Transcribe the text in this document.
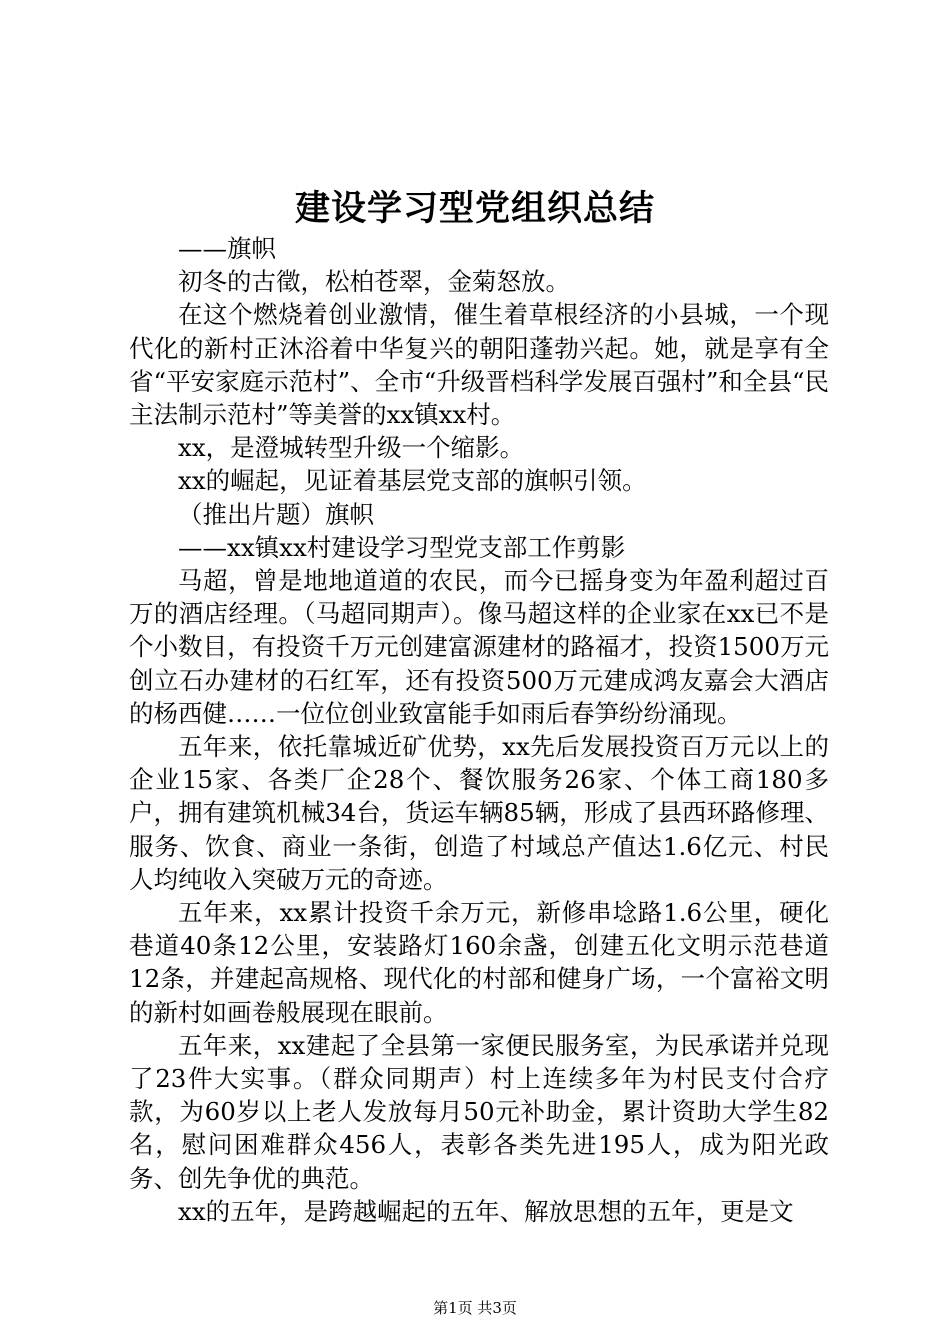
建设学习型党组织总结

——旗帜

初冬的古徵，松柏苍翠，金菊怒放。

在这个燃烧着创业激情，催生着草根经济的小县城，一个现代化的新村正沐浴着中华复兴的朝阳蓬勃兴起。她，就是享有全省“平安家庭示范村”、全市“升级晋档科学发展百强村”和全县“民主法制示范村”等美誉的xx镇xx村。

xx，是澄城转型升级一个缩影。

xx的崛起，见证着基层党支部的旗帜引领。

（推出片题）旗帜

——xx镇xx村建设学习型党支部工作剪影

马超，曾是地地道道的农民，而今已摇身变为年盈利超过百万的酒店经理。（马超同期声）。像马超这样的企业家在xx已不是个小数目，有投资千万元创建富源建材的路福才，投资1500万元创立石办建材的石红军，还有投资500万元建成鸿友嘉会大酒店的杨西健……一位位创业致富能手如雨后春笋纷纷涌现。

五年来，依托靠城近矿优势，xx先后发展投资百万元以上的企业15家、各类厂企28个、餐饮服务26家、个体工商180多户，拥有建筑机械34台，货运车辆85辆，形成了县西环路修理、服务、饮食、商业一条街，创造了村域总产值达1.6亿元、村民人均纯收入突破万元的奇迹。

五年来，xx累计投资千余万元，新修串埝路1.6公里，硬化巷道40条12公里，安装路灯160余盏，创建五化文明示范巷道12条，并建起高规格、现代化的村部和健身广场，一个富裕文明的新村如画卷般展现在眼前。

五年来，xx建起了全县第一家便民服务室，为民承诺并兑现了23件大实事。（群众同期声）村上连续多年为村民支付合疗款，为60岁以上老人发放每月50元补助金，累计资助大学生82名，慰问困难群众456人，表彰各类先进195人，成为阳光政务、创先争优的典范。

xx的五年，是跨越崛起的五年、解放思想的五年，更是文

第1页 共3页
